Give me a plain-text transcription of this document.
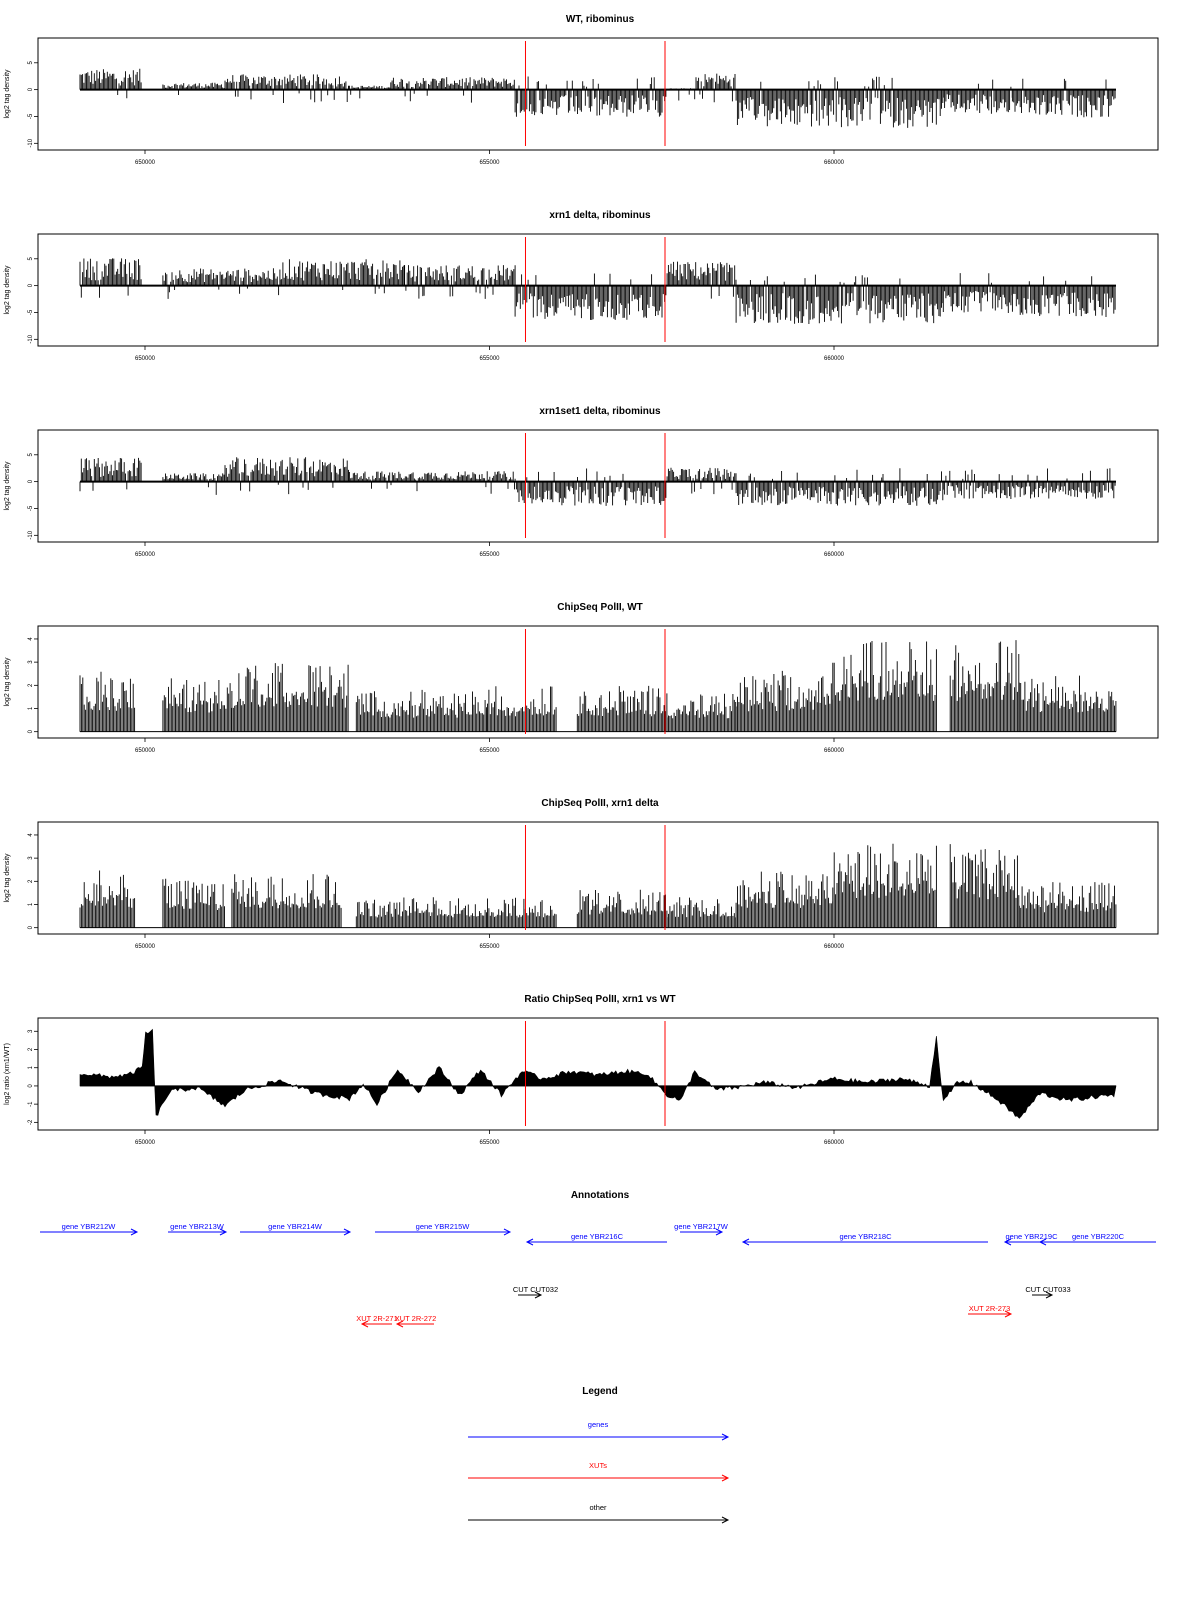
WT, ribominus
log2 tag density
5
0
-5
-10
650000	655000	660000
xrn1 delta, ribominus
log2 tag density
5
0
-5
-10
650000	655000	660000
xrn1set1 delta, ribominus
log2 tag density
5
0
-5
-10
650000	655000	660000
ChipSeq PolII, WT
log2 tag density
4
3
2
1
0
650000	655000	660000
ChipSeq PolII, xrn1 delta
log2 tag density
4
3
2
1
0
650000	655000	660000
Ratio ChipSeq PolII, xrn1 vs WT
log2 ratio (xrn1/WT)
3
2
1
0
-1
-2
650000	655000	660000
Annotations
gene YBR212W	gene YBR213W	gene YBR214W	gene YBR215W
gene YBR216C
gene YBR217W
gene YBR218C	gene YBR219C gene YBR220C
CUT CUT032	CUT CUT033
XUT 2R-271
XUT 2R-272
XUT 2R-273
Legend
genes
XUTs
other
